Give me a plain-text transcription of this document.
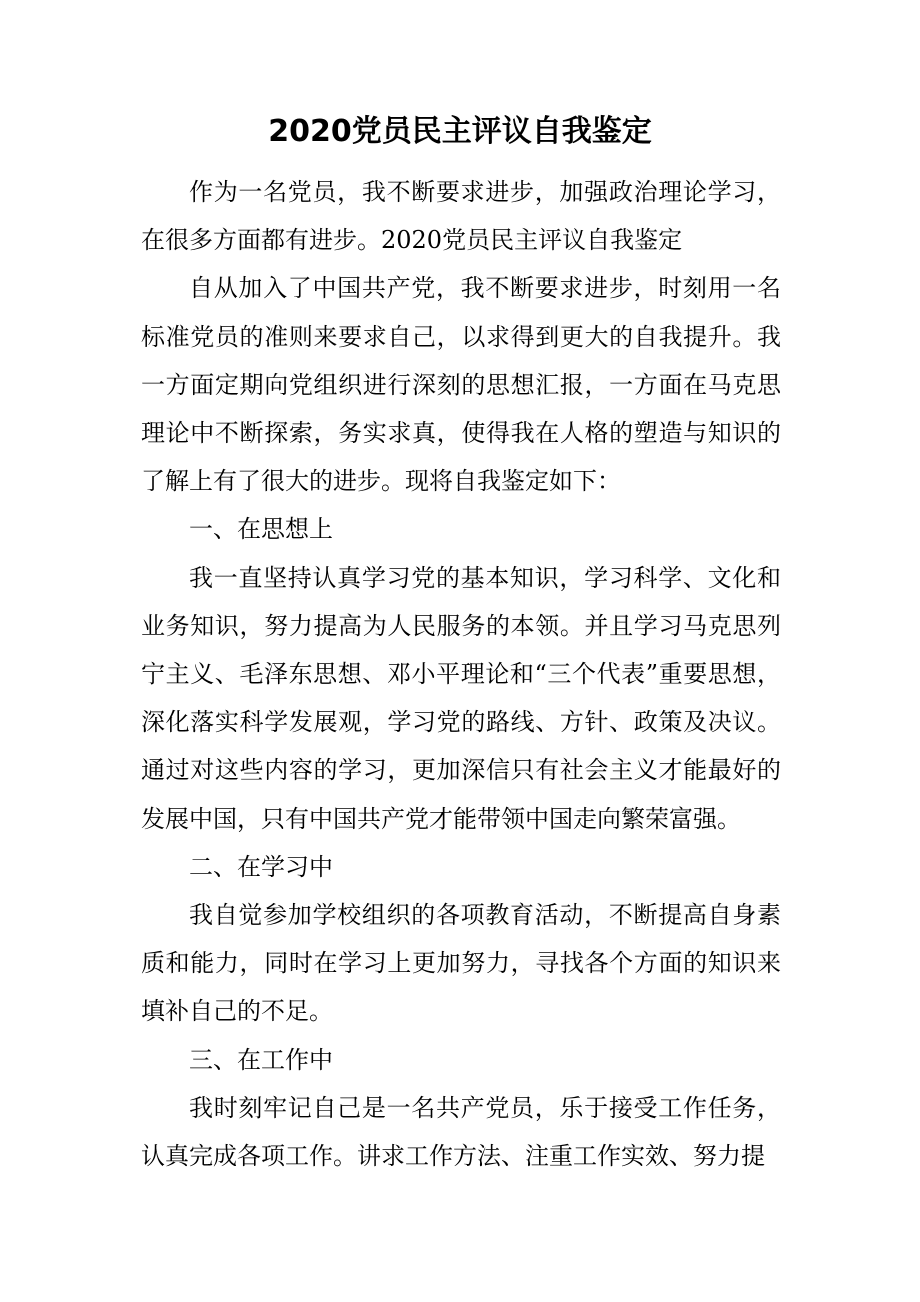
2020党员民主评议自我鉴定

作为一名党员，我不断要求进步，加强政治理论学习，在很多方面都有进步。2020党员民主评议自我鉴定

自从加入了中国共产党，我不断要求进步，时刻用一名标准党员的准则来要求自己，以求得到更大的自我提升。我一方面定期向党组织进行深刻的思想汇报，一方面在马克思理论中不断探索，务实求真，使得我在人格的塑造与知识的了解上有了很大的进步。现将自我鉴定如下：

一、在思想上

我一直坚持认真学习党的基本知识，学习科学、文化和业务知识，努力提高为人民服务的本领。并且学习马克思列宁主义、毛泽东思想、邓小平理论和“三个代表”重要思想，深化落实科学发展观，学习党的路线、方针、政策及决议。通过对这些内容的学习，更加深信只有社会主义才能最好的发展中国，只有中国共产党才能带领中国走向繁荣富强。

二、在学习中

我自觉参加学校组织的各项教育活动，不断提高自身素质和能力，同时在学习上更加努力，寻找各个方面的知识来填补自己的不足。

三、在工作中

我时刻牢记自己是一名共产党员，乐于接受工作任务，认真完成各项工作。讲求工作方法、注重工作实效、努力提
